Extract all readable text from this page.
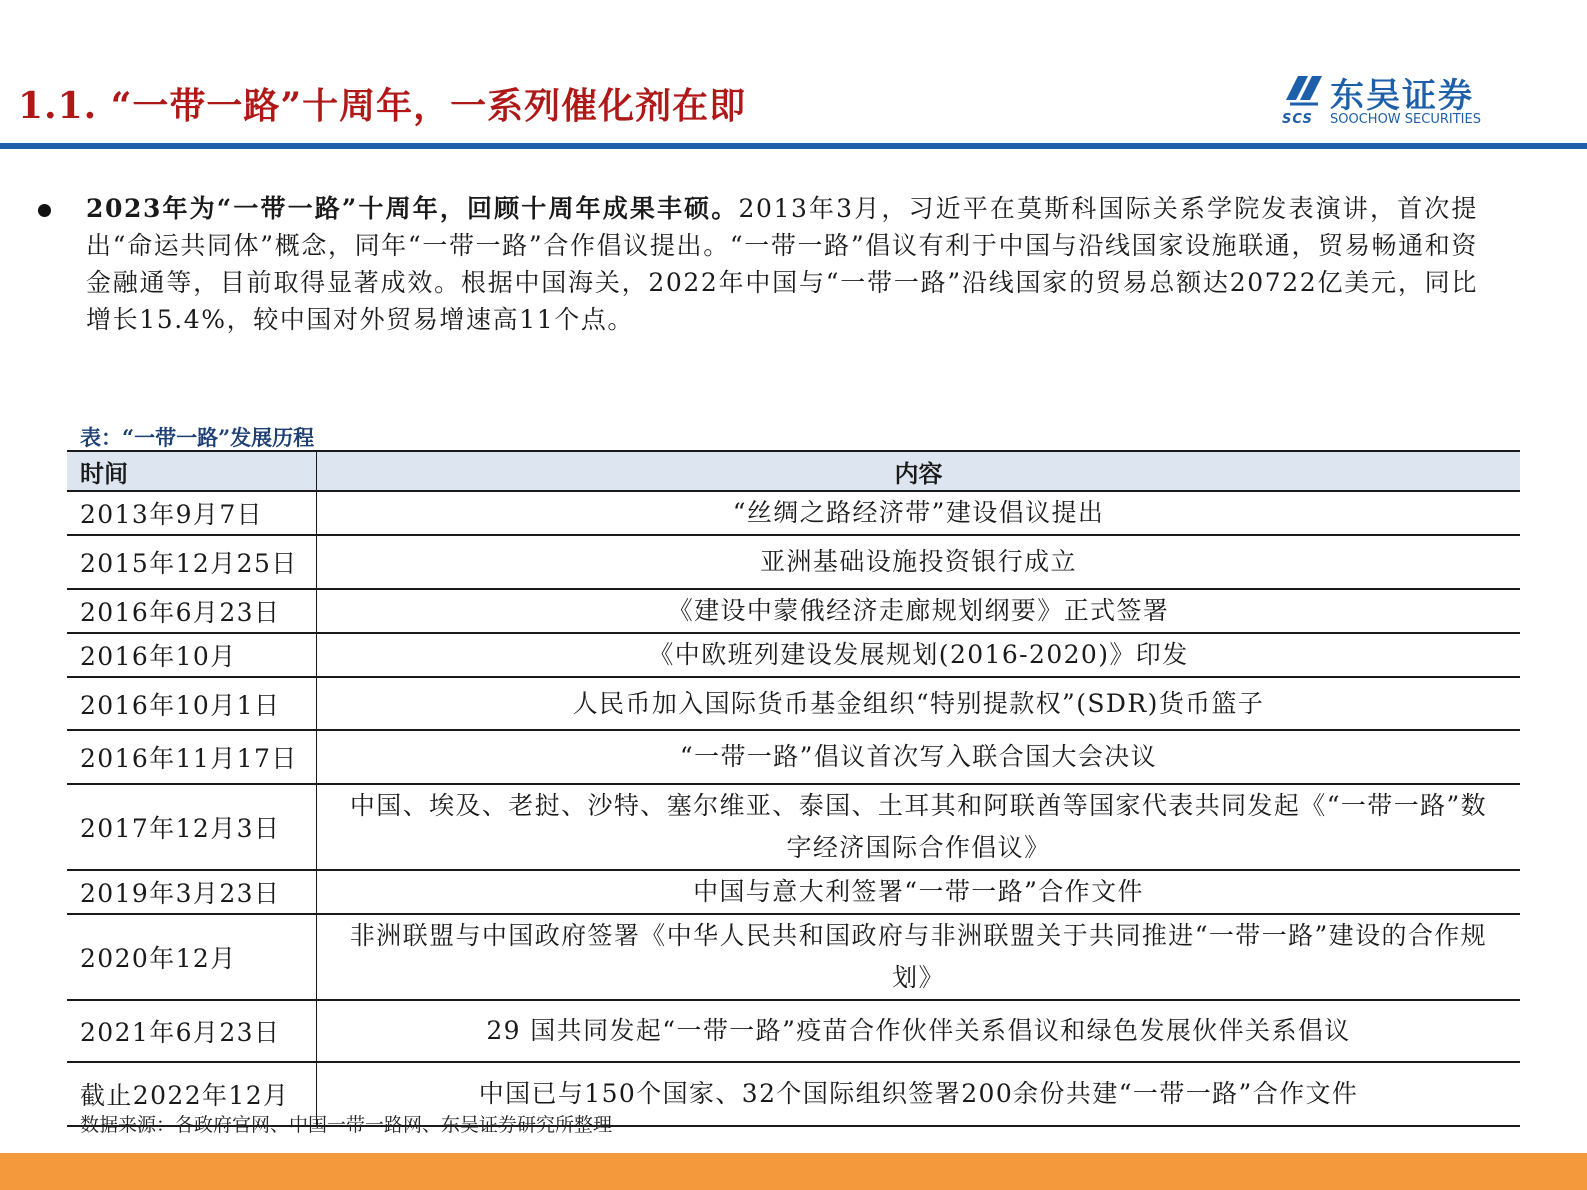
1.1. “一带一路”十周年，一系列催化剂在即	东吴证券
SCS SOOCHOW SECURITIES
2023年为“一带一路”十周年，回顾十周年成果丰硕。2013年3月，习近平在莫斯科国际关系学院发表演讲，首次提出“命运共同体”概念，同年“一带一路”合作倡议提出。“一带一路”倡议有利于中国与沿线国家设施联通，贸易畅通和资金融通等，目前取得显著成效。根据中国海关，2022年中国与“一带一路”沿线国家的贸易总额达20722亿美元，同比增长15.4%，较中国对外贸易增速高11个点。
表：“一带一路”发展历程
时间	内容
2013年9月7日	“丝绸之路经济带”建设倡议提出
2015年12月25日	亚洲基础设施投资银行成立
2016年6月23日	《建设中蒙俄经济走廊规划纲要》正式签署
2016年10月	《中欧班列建设发展规划(2016-2020)》印发
2016年10月1日	人民币加入国际货币基金组织“特别提款权”(SDR)货币篮子
2016年11月17日	“一带一路”倡议首次写入联合国大会决议
2017年12月3日	中国、埃及、老挝、沙特、塞尔维亚、泰国、土耳其和阿联酋等国家代表共同发起《“一带一路”数字经济国际合作倡议》
2019年3月23日	中国与意大利签署“一带一路”合作文件
2020年12月	非洲联盟与中国政府签署《中华人民共和国政府与非洲联盟关于共同推进“一带一路”建设的合作规划》
2021年6月23日	29 国共同发起“一带一路”疫苗合作伙伴关系倡议和绿色发展伙伴关系倡议
截止2022年12月	中国已与150个国家、32个国际组织签署200余份共建“一带一路”合作文件
数据来源：各政府官网、中国一带一路网、东吴证券研究所整理
